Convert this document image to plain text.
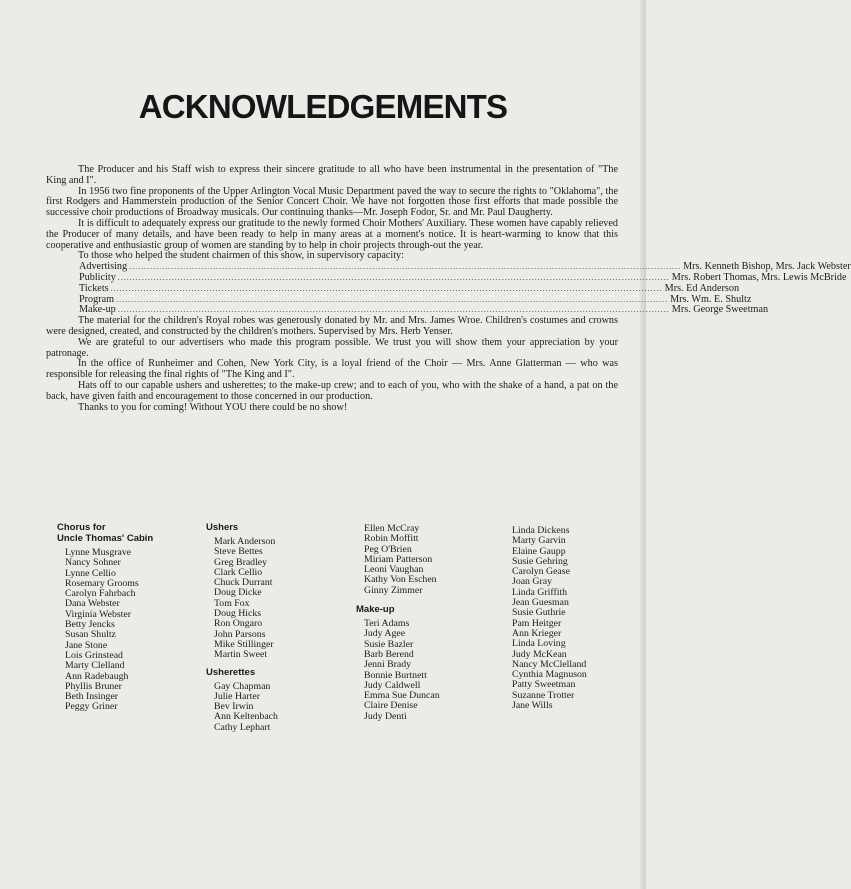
ACKNOWLEDGEMENTS

The Producer and his Staff wish to express their sincere gratitude to all who have been instrumental in the presentation of "The King and I".

In 1956 two fine proponents of the Upper Arlington Vocal Music Department paved the way to secure the rights to "Oklahoma", the first Rodgers and Hammerstein production of the Senior Concert Choir. We have not forgotten those first efforts that made possible the successive choir productions of Broadway musicals. Our continuing thanks—Mr. Joseph Fodor, Sr. and Mr. Paul Daugherty.

It is difficult to adequately express our gratitude to the newly formed Choir Mothers' Auxiliary. These women have capably relieved the Producer of many details, and have been ready to help in many areas at a moment's notice. It is heart-warming to know that this cooperative and enthusiastic group of women are standing by to help in choir projects through-out the year.

To those who helped the student chairmen of this show, in supervisory capacity:

Advertising ........................................................................................................................................................................................ Mrs. Kenneth Bishop, Mrs. Jack Webster
Publicity ........................................................................................................................................................................................ Mrs. Robert Thomas, Mrs. Lewis McBride
Tickets ........................................................................................................................................................................................ Mrs. Ed Anderson
Program ........................................................................................................................................................................................ Mrs. Wm. E. Shultz
Make-up ........................................................................................................................................................................................ Mrs. George Sweetman

The material for the children's Royal robes was generously donated by Mr. and Mrs. James Wroe. Children's costumes and crowns were designed, created, and constructed by the children's mothers. Supervised by Mrs. Herb Yenser.

We are grateful to our advertisers who made this program possible. We trust you will show them your appreciation by your patronage.

In the office of Runheimer and Cohen, New York City, is a loyal friend of the Choir — Mrs. Anne Glatterman — who was responsible for releasing the final rights of "The King and I".

Hats off to our capable ushers and usherettes; to the make-up crew; and to each of you, who with the shake of a hand, a pat on the back, have given faith and encouragement to those concerned in our production.

Thanks to you for coming! Without YOU there could be no show!

Chorus for
Uncle Thomas' Cabin
Lynne Musgrave
Nancy Sohner
Lynne Cellio
Rosemary Grooms
Carolyn Fahrbach
Dana Webster
Virginia Webster
Betty Jencks
Susan Shultz
Jane Stone
Lois Grinstead
Marty Clelland
Ann Radebaugh
Phyllis Bruner
Beth Insinger
Peggy Griner
Ushers
Mark Anderson
Steve Bettes
Greg Bradley
Clark Cellio
Chuck Durrant
Doug Dicke
Tom Fox
Doug Hicks
Ron Ongaro
John Parsons
Mike Stillinger
Martin Sweet
Usherettes
Gay Chapman
Julie Harter
Bev Irwin
Ann Keltenbach
Cathy Lephart
Ellen McCray
Robin Moffitt
Peg O'Brien
Miriam Patterson
Leoni Vaughan
Kathy Von Eschen
Ginny Zimmer
Make-up
Teri Adams
Judy Agee
Susie Bazler
Barb Berend
Jenni Brady
Bonnie Burtnett
Judy Caldwell
Emma Sue Duncan
Claire Denise
Judy Denti
Linda Dickens
Marty Garvin
Elaine Gaupp
Susie Gehring
Carolyn Gease
Joan Gray
Linda Griffith
Jean Guesman
Susie Guthrie
Pam Heitger
Ann Krieger
Linda Loving
Judy McKean
Nancy McClelland
Cynthia Magnuson
Patty Sweetman
Suzanne Trotter
Jane Wills
